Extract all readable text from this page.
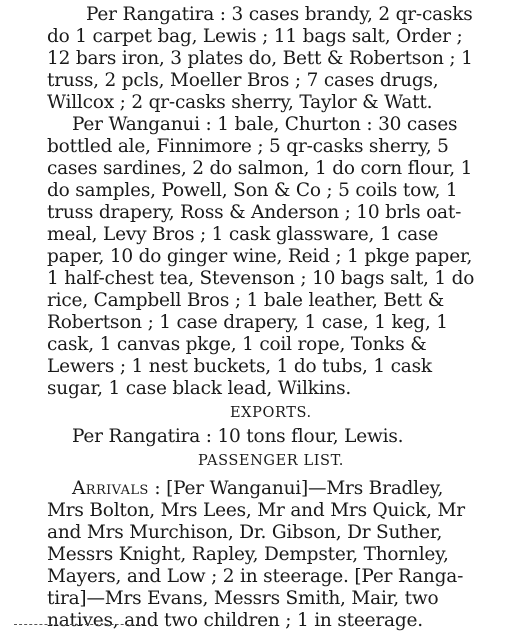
Per Rangatira : 3 cases brandy, 2 qr-casks
do 1 carpet bag, Lewis ; 11 bags salt, Order ;
12 bars iron, 3 plates do, Bett & Robertson ; 1
truss, 2 pcls, Moeller Bros ; 7 cases drugs,
Willcox ; 2 qr-casks sherry, Taylor & Watt.
Per Wanganui : 1 bale, Churton : 30 cases
bottled ale, Finnimore ; 5 qr-casks sherry, 5
cases sardines, 2 do salmon, 1 do corn flour, 1
do samples, Powell, Son & Co ; 5 coils tow, 1
truss drapery, Ross & Anderson ; 10 brls oat-
meal, Levy Bros ; 1 cask glassware, 1 case
paper, 10 do ginger wine, Reid ; 1 pkge paper,
1 half-chest tea, Stevenson ; 10 bags salt, 1 do
rice, Campbell Bros ; 1 bale leather, Bett &
Robertson ; 1 case drapery, 1 case, 1 keg, 1
cask, 1 canvas pkge, 1 coil rope, Tonks &
Lewers ; 1 nest buckets, 1 do tubs, 1 cask
sugar, 1 case black lead, Wilkins.
EXPORTS.
Per Rangatira : 10 tons flour, Lewis.
PASSENGER LIST.
Arrivals : [Per Wanganui]—Mrs Bradley,
Mrs Bolton, Mrs Lees, Mr and Mrs Quick, Mr
and Mrs Murchison, Dr. Gibson, Dr Suther,
Messrs Knight, Rapley, Dempster, Thornley,
Mayers, and Low ; 2 in steerage. [Per Ranga-
tira]—Mrs Evans, Messrs Smith, Mair, two
natives, and two children ; 1 in steerage.
